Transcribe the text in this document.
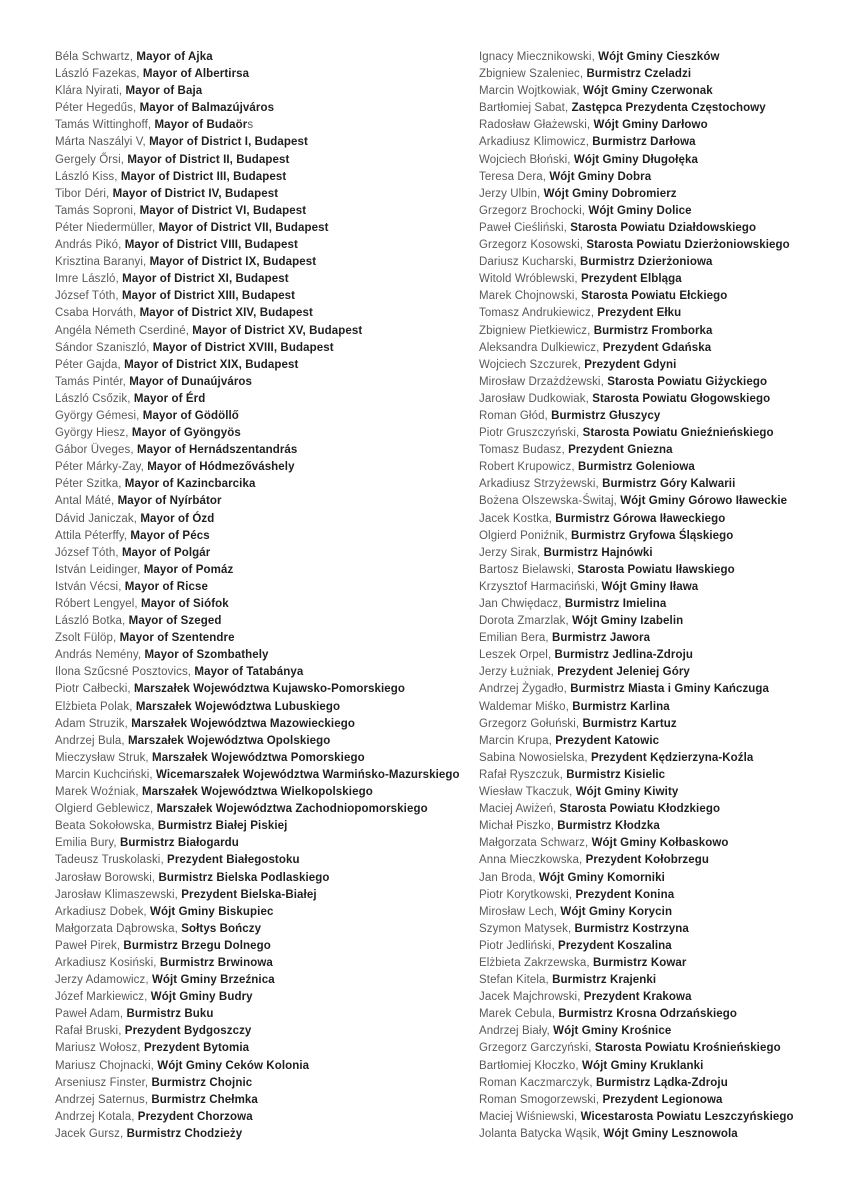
Béla Schwartz, Mayor of Ajka
László Fazekas, Mayor of Albertirsa
Klára Nyirati, Mayor of Baja
Péter Hegedűs, Mayor of Balmazújváros
Tamás Wittinghoff, Mayor of Budaörs
Márta Naszályi V, Mayor of District I, Budapest
Gergely Őrsi, Mayor of District II, Budapest
László Kiss, Mayor of District III, Budapest
Tibor Déri, Mayor of District IV, Budapest
Tamás Soproni, Mayor of District VI, Budapest
Péter Niedermüller, Mayor of District VII, Budapest
András Pikó, Mayor of District VIII, Budapest
Krisztina Baranyi, Mayor of District IX, Budapest
Imre László, Mayor of District XI, Budapest
József Tóth, Mayor of District XIII, Budapest
Csaba Horváth, Mayor of District XIV, Budapest
Angéla Németh Cserdiné, Mayor of District XV, Budapest
Sándor Szaniszló, Mayor of District XVIII, Budapest
Péter Gajda, Mayor of District XIX, Budapest
Tamás Pintér, Mayor of Dunaújváros
László Csőzik, Mayor of Érd
György Gémesi, Mayor of Gödöllő
György Hiesz, Mayor of Gyöngyös
Gábor Üveges, Mayor of Hernádszentandrás
Péter Márky-Zay, Mayor of Hódmezőváshely
Péter Szitka, Mayor of Kazincbarcika
Antal Máté, Mayor of Nyírbátor
Dávid Janiczak, Mayor of Ózd
Attila Péterffy, Mayor of Pécs
József Tóth, Mayor of Polgár
István Leidinger, Mayor of Pomáz
István Vécsi, Mayor of Ricse
Róbert Lengyel, Mayor of Siófok
László Botka, Mayor of Szeged
Zsolt Fülöp, Mayor of Szentendre
András Nemény, Mayor of Szombathely
Ilona Szűcsné Posztovics, Mayor of Tatabánya
Piotr Całbecki, Marszałek Województwa Kujawsko-Pomorskiego
Elżbieta Polak, Marszałek Województwa Lubuskiego
Adam Struzik, Marszałek Województwa Mazowieckiego
Andrzej Bula, Marszałek Województwa Opolskiego
Mieczysław Struk, Marszałek Województwa Pomorskiego
Marcin Kuchciński, Wicemarszałek Województwa Warmińsko-Mazurskiego
Marek Woźniak, Marszałek Województwa Wielkopolskiego
Olgierd Geblewicz, Marszałek Województwa Zachodniopomorskiego
Beata Sokołowska, Burmistrz Białej Piskiej
Emilia Bury, Burmistrz Białogardu
Tadeusz Truskolaski, Prezydent Białegostoku
Jarosław Borowski, Burmistrz Bielska Podlaskiego
Jarosław Klimaszewski, Prezydent Bielska-Białej
Arkadiusz Dobek, Wójt Gminy Biskupiec
Małgorzata Dąbrowska, Sołtys Bończy
Paweł Pirek, Burmistrz Brzegu Dolnego
Arkadiusz Kosiński, Burmistrz Brwinowa
Jerzy Adamowicz, Wójt Gminy Brzeźnica
Józef Markiewicz, Wójt Gminy Budry
Paweł Adam, Burmistrz Buku
Rafał Bruski, Prezydent Bydgoszczy
Mariusz Wołosz, Prezydent Bytomia
Mariusz Chojnacki, Wójt Gminy Ceków Kolonia
Arseniusz Finster, Burmistrz Chojnic
Andrzej Saternus, Burmistrz Chełmka
Andrzej Kotala, Prezydent Chorzowa
Jacek Gursz, Burmistrz Chodzieży
Ignacy Miecznikowski, Wójt Gminy Cieszków
Zbigniew Szaleniec, Burmistrz Czeladzi
Marcin Wojtkowiak, Wójt Gminy Czerwonak
Bartłomiej Sabat, Zastępca Prezydenta Częstochowy
Radosław Głażewski, Wójt Gminy Darłowo
Arkadiusz Klimowicz, Burmistrz Darłowa
Wojciech Błoński, Wójt Gminy Długołęka
Teresa Dera, Wójt Gminy Dobra
Jerzy Ulbin, Wójt Gminy Dobromierz
Grzegorz Brochocki, Wójt Gminy Dolice
Paweł Cieśliński, Starosta Powiatu Działdowskiego
Grzegorz Kosowski, Starosta Powiatu Dzierżoniowskiego
Dariusz Kucharski, Burmistrz Dzierżoniowa
Witold Wróblewski, Prezydent Elbląga
Marek Chojnowski, Starosta Powiatu Ełckiego
Tomasz Andrukiewicz, Prezydent Ełku
Zbigniew Pietkiewicz, Burmistrz Fromborka
Aleksandra Dulkiewicz, Prezydent Gdańska
Wojciech Szczurek, Prezydent Gdyni
Mirosław Drzażdżewski, Starosta Powiatu Giżyckiego
Jarosław Dudkowiak, Starosta Powiatu Głogowskiego
Roman Głód, Burmistrz Głuszycy
Piotr Gruszczyński, Starosta Powiatu Gnieźnieńskiego
Tomasz Budasz, Prezydent Gniezna
Robert Krupowicz, Burmistrz Goleniowa
Arkadiusz Strzyżewski, Burmistrz Góry Kalwarii
Bożena Olszewska-Świtaj, Wójt Gminy Górowo Iławeckie
Jacek Kostka, Burmistrz Górowa Iławeckiego
Olgierd Poniźnik, Burmistrz Gryfowa Śląskiego
Jerzy Sirak, Burmistrz Hajnówki
Bartosz Bielawski, Starosta Powiatu Iławskiego
Krzysztof Harmaciński, Wójt Gminy Iława
Jan Chwiędacz, Burmistrz Imielina
Dorota Zmarzlak, Wójt Gminy Izabelin
Emilian Bera, Burmistrz Jawora
Leszek Orpel, Burmistrz Jedlina-Zdroju
Jerzy Łużniak, Prezydent Jeleniej Góry
Andrzej Żygadło, Burmistrz Miasta i Gminy Kańczuga
Waldemar Miśko, Burmistrz Karlina
Grzegorz Gołuński, Burmistrz Kartuz
Marcin Krupa, Prezydent Katowic
Sabina Nowosielska, Prezydent Kędzierzyna-Koźla
Rafał Ryszczuk, Burmistrz Kisielic
Wiesław Tkaczuk, Wójt Gminy Kiwity
Maciej Awiżeń, Starosta Powiatu Kłodzkiego
Michał Piszko, Burmistrz Kłodzka
Małgorzata Schwarz, Wójt Gminy Kołbaskowo
Anna Mieczkowska, Prezydent Kołobrzegu
Jan Broda, Wójt Gminy Komorniki
Piotr Korytkowski, Prezydent Konina
Mirosław Lech, Wójt Gminy Korycin
Szymon Matysek, Burmistrz Kostrzyna
Piotr Jedliński, Prezydent Koszalina
Elżbieta Zakrzewska, Burmistrz Kowar
Stefan Kitela, Burmistrz Krajenki
Jacek Majchrowski, Prezydent Krakowa
Marek Cebula, Burmistrz Krosna Odrzańskiego
Andrzej Biały, Wójt Gminy Krośnice
Grzegorz Garczyński, Starosta Powiatu Krośnieńskiego
Bartłomiej Kłoczko, Wójt Gminy Kruklanki
Roman Kaczmarczyk, Burmistrz Lądka-Zdroju
Roman Smogorzewski, Prezydent Legionowa
Maciej Wiśniewski, Wicestarosta Powiatu Leszczyńskiego
Jolanta Batycka Wąsik, Wójt Gminy Lesznowola
